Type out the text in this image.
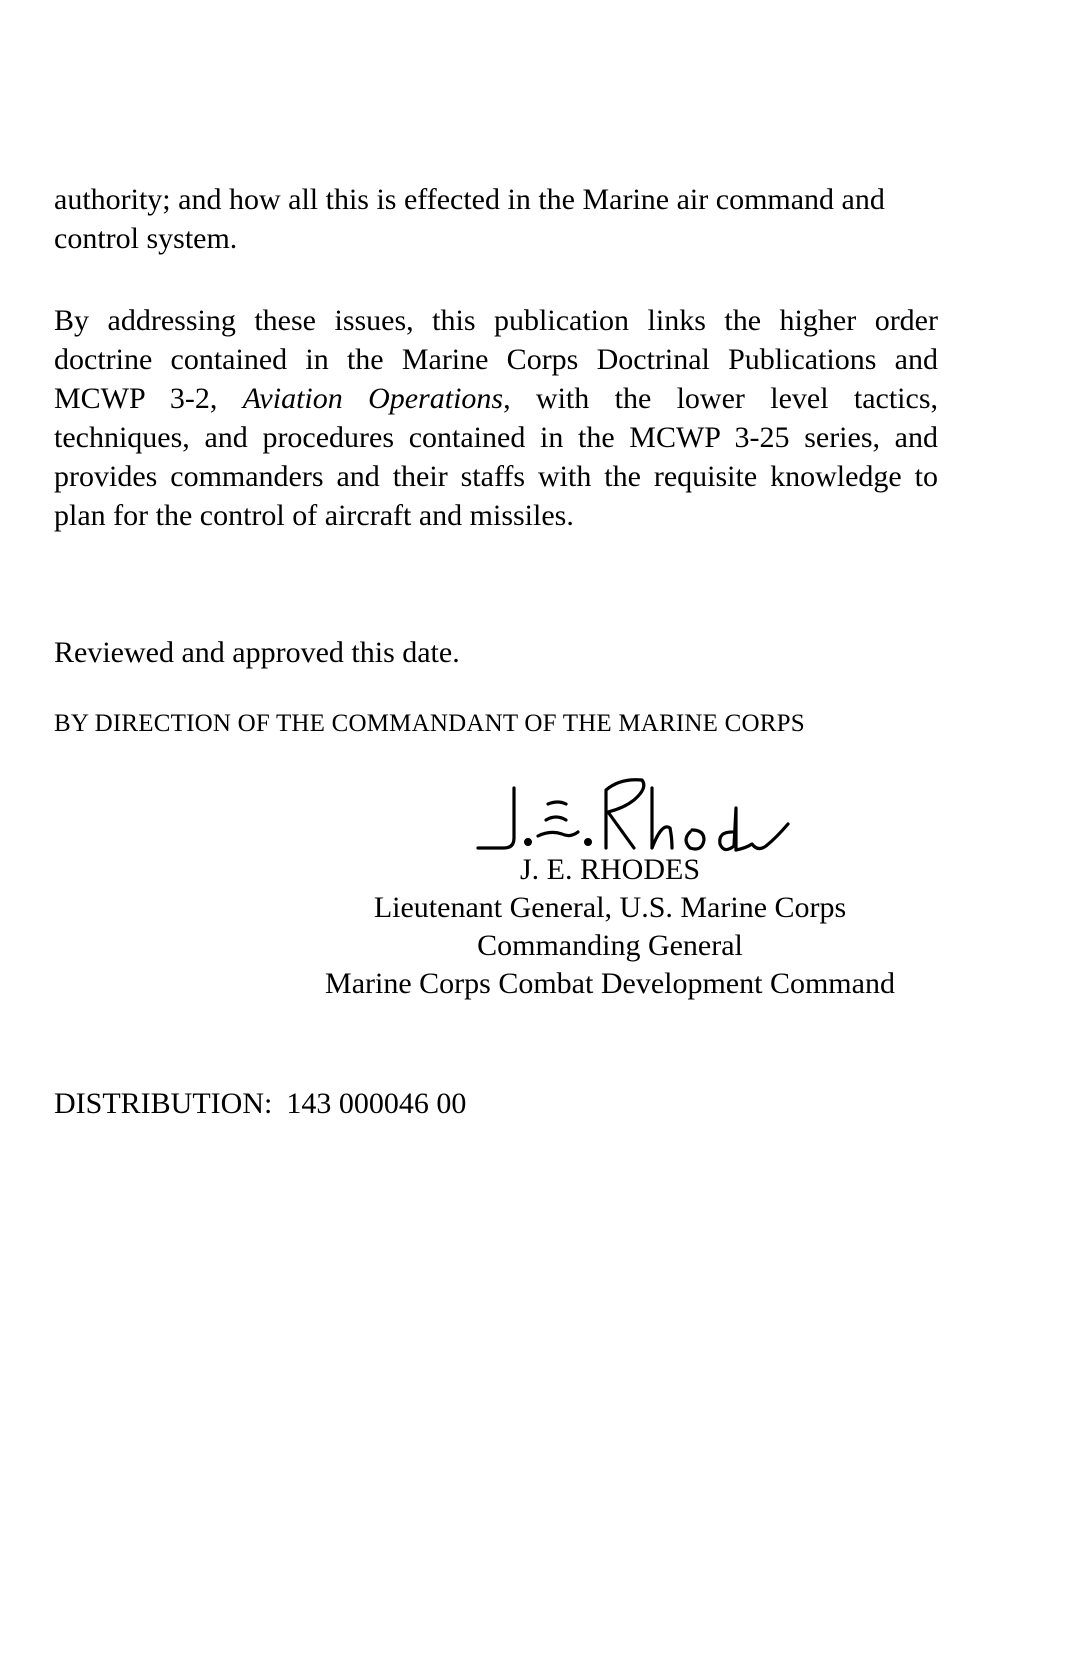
authority; and how all this is effected in the Marine air command and control system.

By addressing these issues, this publication links the higher order doctrine contained in the Marine Corps Doctrinal Publications and MCWP 3-2, Aviation Operations, with the lower level tactics, techniques, and procedures contained in the MCWP 3-25 series, and provides commanders and their staffs with the requisite knowledge to plan for the control of aircraft and missiles.

Reviewed and approved this date.

BY DIRECTION OF THE COMMANDANT OF THE MARINE CORPS

J. E. RHODES
Lieutenant General, U.S. Marine Corps
Commanding General
Marine Corps Combat Development Command

DISTRIBUTION: 143 000046 00
